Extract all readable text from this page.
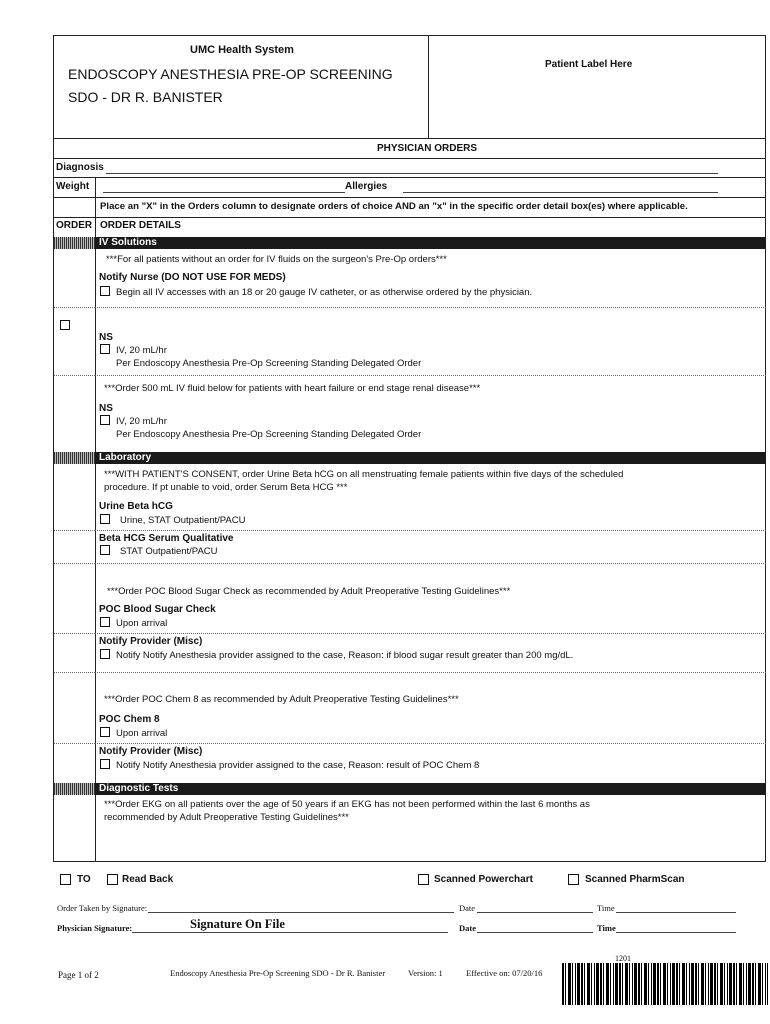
UMC Health System
ENDOSCOPY ANESTHESIA PRE-OP SCREENING
SDO - DR R. BANISTER
Patient Label Here
PHYSICIAN ORDERS
Diagnosis
Weight	Allergies
Place an "X" in the Orders column to designate orders of choice AND an "x" in the specific order detail box(es) where applicable.
ORDER ORDER DETAILS
IV Solutions
***For all patients without an order for IV fluids on the surgeon's Pre-Op orders***
Notify Nurse (DO NOT USE FOR MEDS)
Begin all IV accesses with an 18 or 20 gauge IV catheter, or as otherwise ordered by the physician.
NS
IV, 20 mL/hr
Per Endoscopy Anesthesia Pre-Op Screening Standing Delegated Order
***Order 500 mL IV fluid below for patients with heart failure or end stage renal disease***
NS
IV, 20 mL/hr
Per Endoscopy Anesthesia Pre-Op Screening Standing Delegated Order
Laboratory
***WITH PATIENT'S CONSENT, order Urine Beta hCG on all menstruating female patients within five days of the scheduled
procedure. If pt unable to void, order Serum Beta HCG ***
Urine Beta hCG
Urine, STAT Outpatient/PACU
Beta HCG Serum Qualitative
STAT Outpatient/PACU
***Order POC Blood Sugar Check as recommended by Adult Preoperative Testing Guidelines***
POC Blood Sugar Check
Upon arrival
Notify Provider (Misc)
Notify Notify Anesthesia provider assigned to the case, Reason: if blood sugar result greater than 200 mg/dL.
***Order POC Chem 8 as recommended by Adult Preoperative Testing Guidelines***
POC Chem 8
Upon arrival
Notify Provider (Misc)
Notify Notify Anesthesia provider assigned to the case, Reason: result of POC Chem 8
Diagnostic Tests
***Order EKG on all patients over the age of 50 years if an EKG has not been performed within the last 6 months as
recommended by Adult Preoperative Testing Guidelines***
TO	Read Back	Scanned Powerchart	Scanned PharmScan
Order Taken by Signature:	Date	Time
Physician Signature:	Signature On File	Date	Time
Page 1 of 2	Endoscopy Anesthesia Pre-Op Screening SDO - Dr R. Banister	Version: 1	Effective on: 07/20/16
1201
